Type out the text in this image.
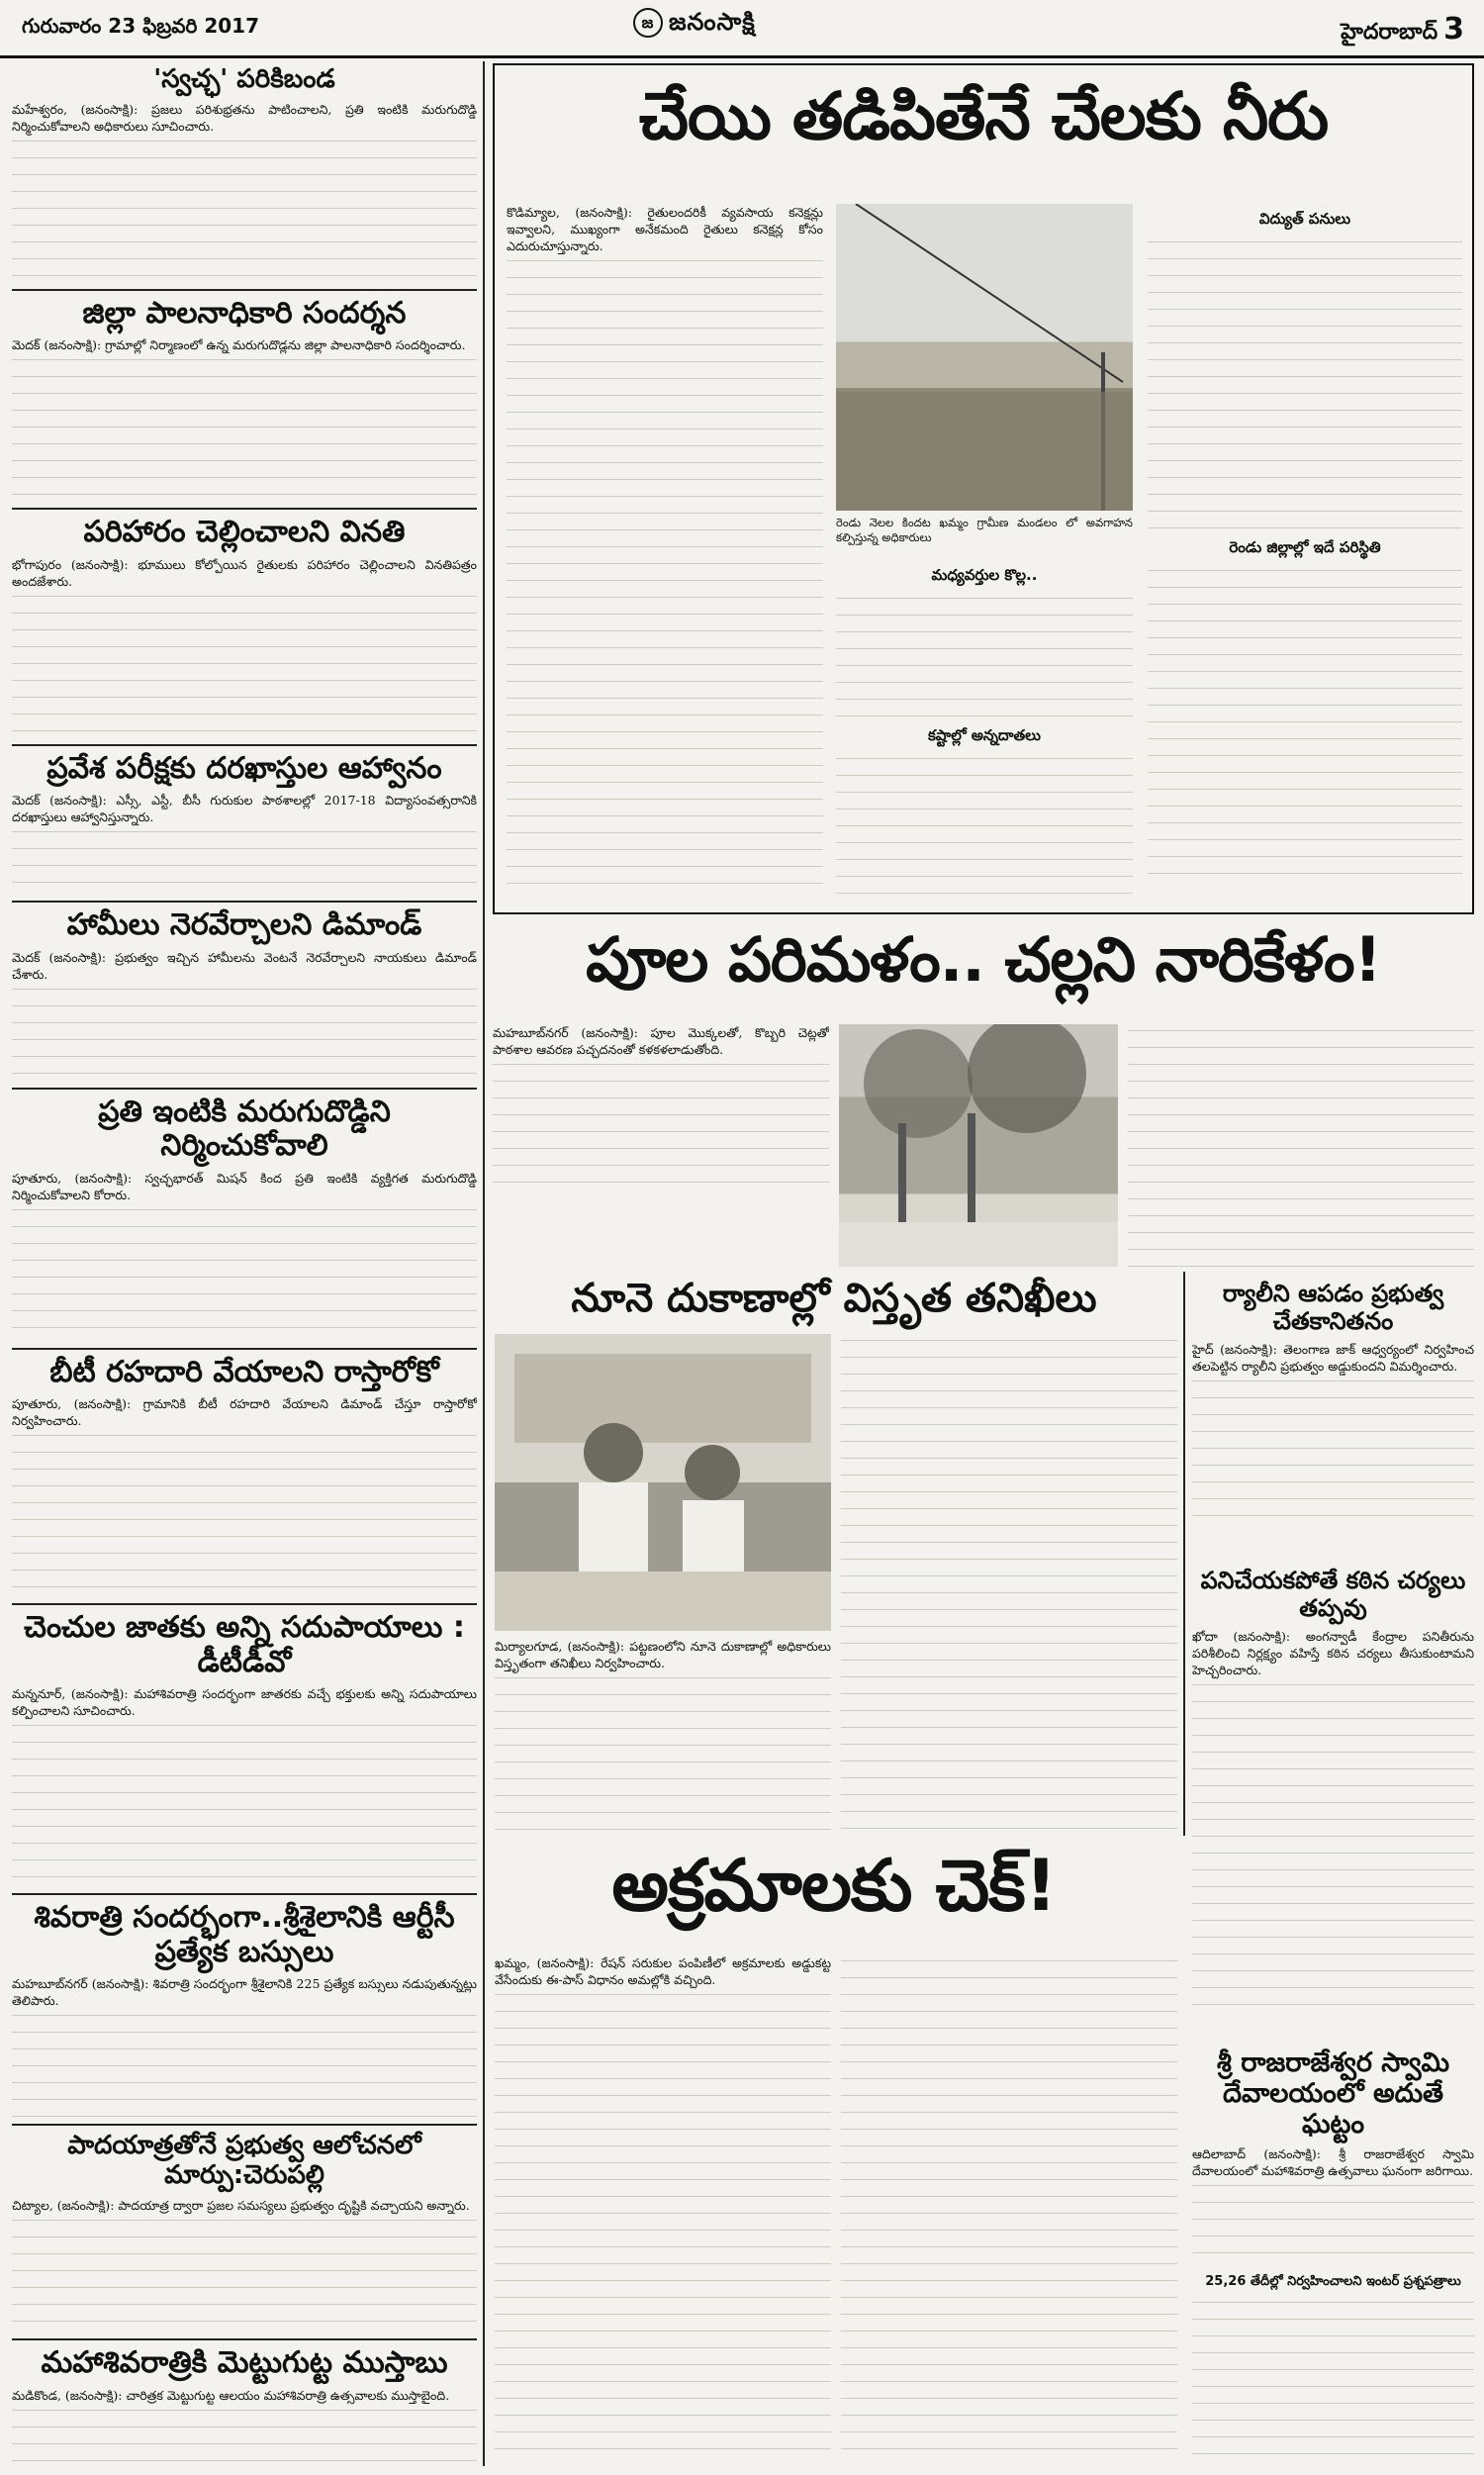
గురువారం 23 ఫిబ్రవరి 2017	జ జనంసాక్షి	హైదరాబాద్ 3
'స్వచ్ఛ' పరికిబండ

మహేశ్వరం, (జనంసాక్షి): ప్రజలు పరిశుభ్రతను పాటించాలని, ప్రతి ఇంటికి మరుగుదొడ్డి నిర్మించుకోవాలని అధికారులు సూచించారు.

జిల్లా పాలనాధికారి సందర్శన

మెదక్ (జనంసాక్షి): గ్రామాల్లో నిర్మాణంలో ఉన్న మరుగుదొడ్లను జిల్లా పాలనాధికారి సందర్శించారు.

పరిహారం చెల్లించాలని వినతి

భోగాపురం (జనంసాక్షి): భూములు కోల్పోయిన రైతులకు పరిహారం చెల్లించాలని వినతిపత్రం అందజేశారు.

ప్రవేశ పరీక్షకు దరఖాస్తుల ఆహ్వానం

మెదక్ (జనంసాక్షి): ఎస్సీ, ఎస్టీ, బీసీ గురుకుల పాఠశాలల్లో 2017-18 విద్యాసంవత్సరానికి దరఖాస్తులు ఆహ్వానిస్తున్నారు.

హామీలు నెరవేర్చాలని డిమాండ్

మెదక్ (జనంసాక్షి): ప్రభుత్వం ఇచ్చిన హామీలను వెంటనే నెరవేర్చాలని నాయకులు డిమాండ్ చేశారు.

ప్రతి ఇంటికి మరుగుదొడ్డిని నిర్మించుకోవాలి

పూతూరు, (జనంసాక్షి): స్వచ్ఛభారత్ మిషన్ కింద ప్రతి ఇంటికి వ్యక్తిగత మరుగుదొడ్డి నిర్మించుకోవాలని కోరారు.

బీటీ రహదారి వేయాలని రాస్తారోకో

పూతూరు, (జనంసాక్షి): గ్రామానికి బీటీ రహదారి వేయాలని డిమాండ్ చేస్తూ రాస్తారోకో నిర్వహించారు.

చెంచుల జాతకు అన్ని సదుపాయాలు : డీటీడీవో

మన్ననూర్, (జనంసాక్షి): మహాశివరాత్రి సందర్భంగా జాతరకు వచ్చే భక్తులకు అన్ని సదుపాయాలు కల్పించాలని సూచించారు.

శివరాత్రి సందర్భంగా..శ్రీశైలానికి ఆర్టీసీ ప్రత్యేక బస్సులు

మహబూబ్‌నగర్ (జనంసాక్షి): శివరాత్రి సందర్భంగా శ్రీశైలానికి 225 ప్రత్యేక బస్సులు నడుపుతున్నట్లు తెలిపారు.

పాదయాత్రతోనే ప్రభుత్వ ఆలోచనలో మార్పు:చెరుపల్లి

చిట్యాల, (జనంసాక్షి): పాదయాత్ర ద్వారా ప్రజల సమస్యలు ప్రభుత్వం దృష్టికి వచ్చాయని అన్నారు.

మహాశివరాత్రికి మెట్టుగుట్ట ముస్తాబు

మడికొండ, (జనంసాక్షి): చారిత్రక మెట్టుగుట్ట ఆలయం మహాశివరాత్రి ఉత్సవాలకు ముస్తాబైంది.

చేయి తడిపితేనే చేలకు నీరు

కొడిమ్యాల, (జనంసాక్షి): రైతులందరికీ వ్యవసాయ కనెక్షన్లు ఇవ్వాలని, ముఖ్యంగా అనేకమంది రైతులు కనెక్షన్ల కోసం ఎదురుచూస్తున్నారు.

రెండు నెలల కిందట ఖమ్మం గ్రామీణ మండలం లో అవగాహన కల్పిస్తున్న అధికారులు
మధ్యవర్తుల కొల్ల..
కష్టాల్లో అన్నదాతలు
విద్యుత్ పనులు
రెండు జిల్లాల్లో ఇదే పరిస్థితి
పూల పరిమళం.. చల్లని నారికేళం!

మహబూబ్‌నగర్ (జనంసాక్షి): పూల మొక్కలతో, కొబ్బరి చెట్లతో పాఠశాల ఆవరణ పచ్చదనంతో కళకళలాడుతోంది.

నూనె దుకాణాల్లో విస్తృత తనిఖీలు

మిర్యాలగూడ, (జనంసాక్షి): పట్టణంలోని నూనె దుకాణాల్లో అధికారులు విస్తృతంగా తనిఖీలు నిర్వహించారు.

ర్యాలీని ఆపడం ప్రభుత్వ చేతకానితనం

హైద్ (జనంసాక్షి): తెలంగాణ జాక్ ఆధ్వర్యంలో నిర్వహించ తలపెట్టిన ర్యాలీని ప్రభుత్వం అడ్డుకుందని విమర్శించారు.

పనిచేయకపోతే కఠిన చర్యలు తప్పవు

ఖోదా (జనంసాక్షి): అంగన్వాడీ కేంద్రాల పనితీరును పరిశీలించి నిర్లక్ష్యం వహిస్తే కఠిన చర్యలు తీసుకుంటామని హెచ్చరించారు.

అక్రమాలకు చెక్!

ఖమ్మం, (జనంసాక్షి): రేషన్ సరుకుల పంపిణీలో అక్రమాలకు అడ్డుకట్ట వేసేందుకు ఈ-పాస్ విధానం అమల్లోకి వచ్చింది.

శ్రీ రాజరాజేశ్వర స్వామి దేవాలయంలో అదుతే ఘట్టం

ఆదిలాబాద్ (జనంసాక్షి): శ్రీ రాజరాజేశ్వర స్వామి దేవాలయంలో మహాశివరాత్రి ఉత్సవాలు ఘనంగా జరిగాయి.

25,26 తేదీల్లో నిర్వహించాలని ఇంటర్ ప్రశ్నపత్రాలు
